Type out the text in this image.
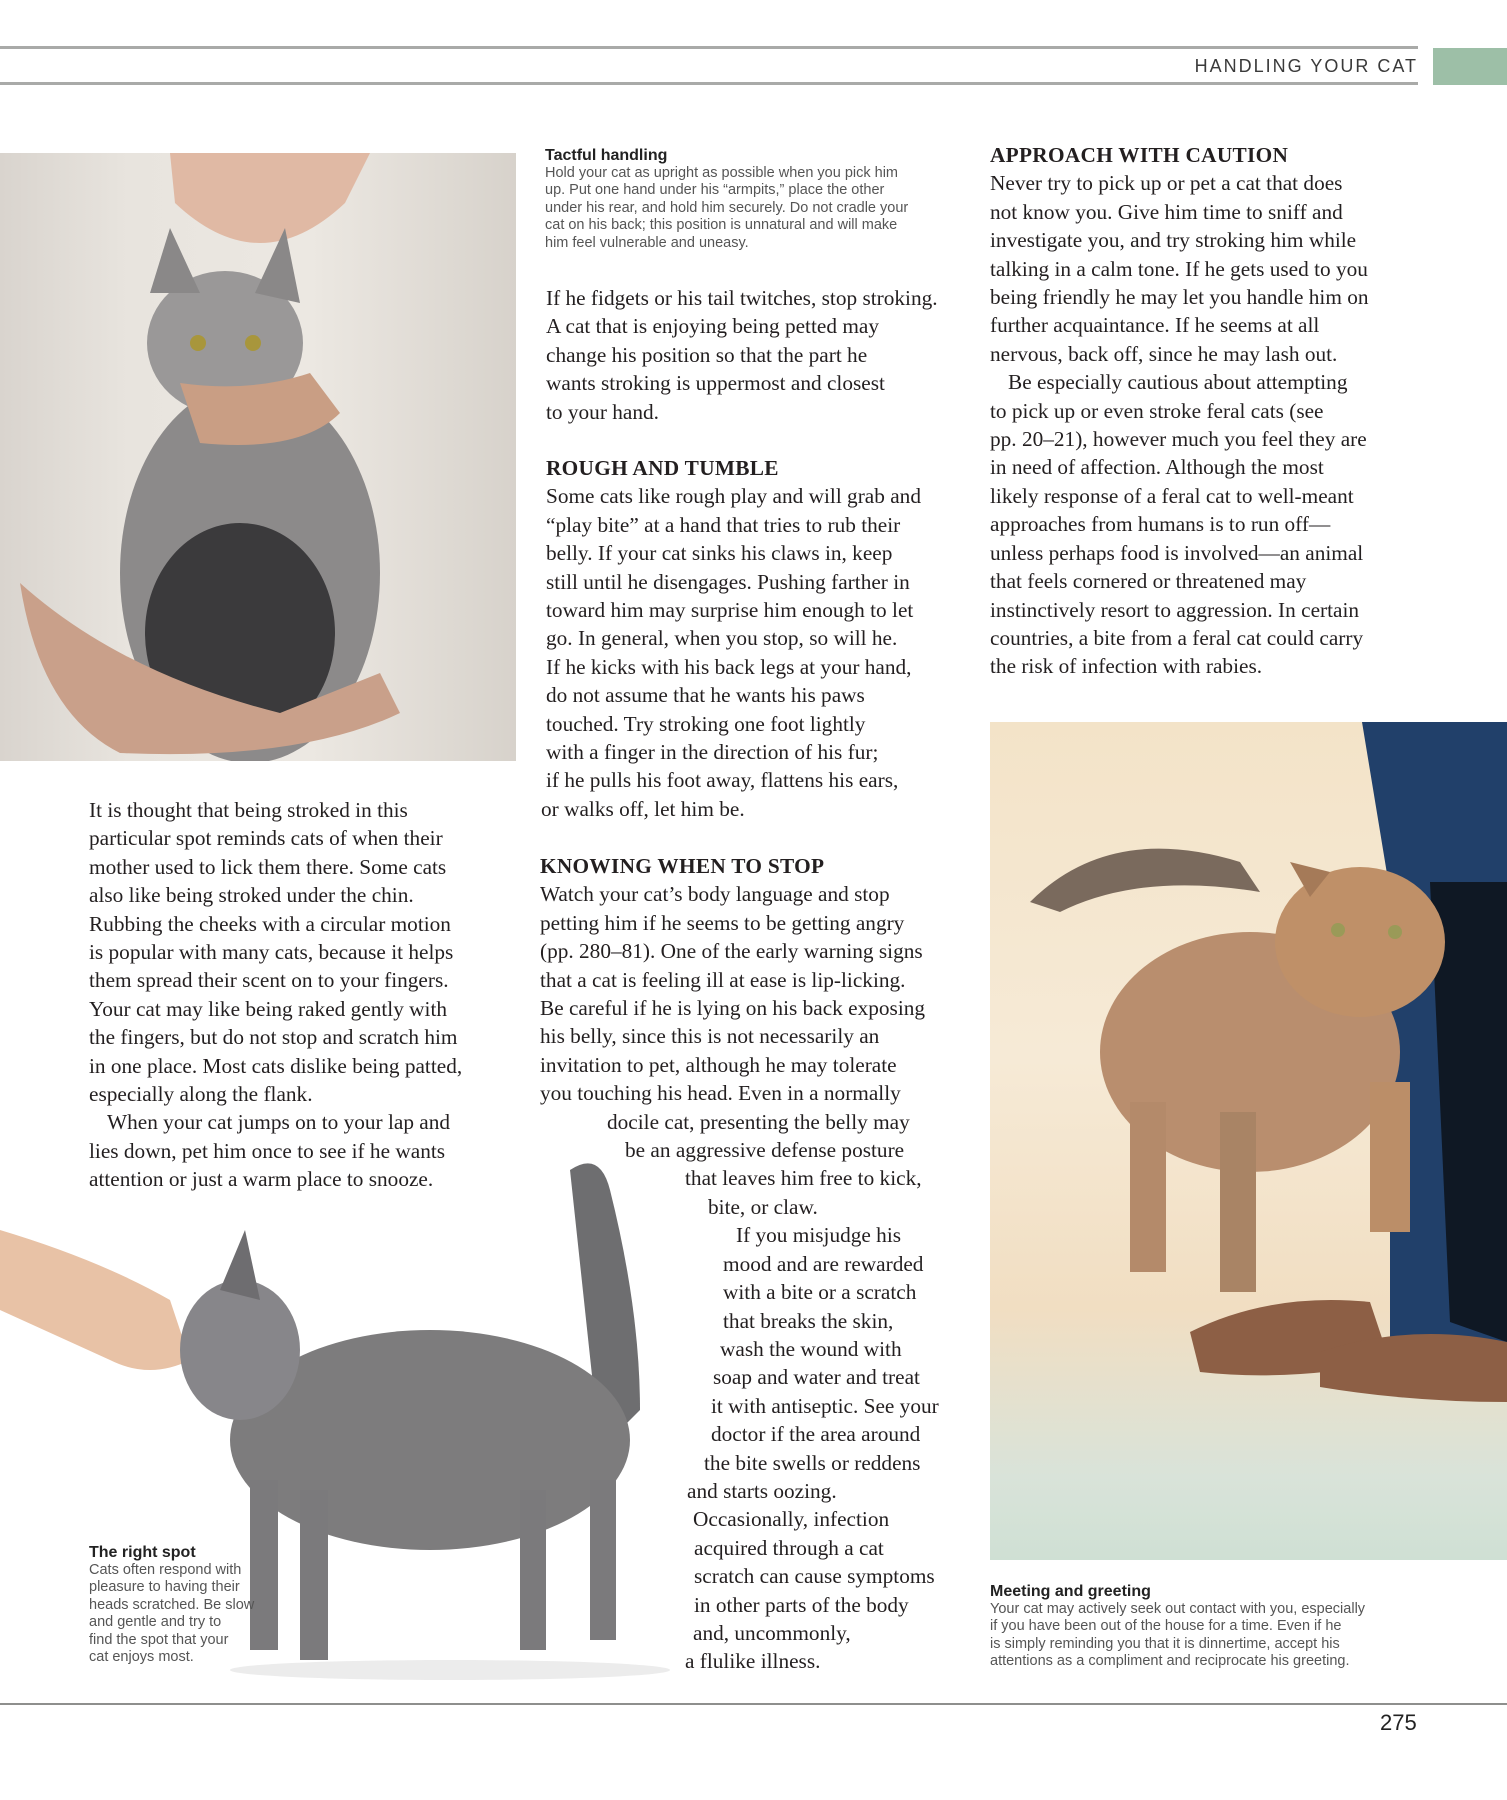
HANDLING YOUR CAT
Tactful handling
Hold your cat as upright as possible when you pick him
up. Put one hand under his “armpits,” place the other
under his rear, and hold him securely. Do not cradle your
cat on his back; this position is unnatural and will make
him feel vulnerable and uneasy.
If he fidgets or his tail twitches, stop stroking.
A cat that is enjoying being petted may
change his position so that the part he
wants stroking is uppermost and closest
to your hand.
ROUGH AND TUMBLE
Some cats like rough play and will grab and
“play bite” at a hand that tries to rub their
belly. If your cat sinks his claws in, keep
still until he disengages. Pushing farther in
toward him may surprise him enough to let
go. In general, when you stop, so will he.
If he kicks with his back legs at your hand,
do not assume that he wants his paws
touched. Try stroking one foot lightly
with a finger in the direction of his fur;
if he pulls his foot away, flattens his ears,
or walks off, let him be.
KNOWING WHEN TO STOP
Watch your cat’s body language and stop
petting him if he seems to be getting angry
(pp. 280–81). One of the early warning signs
that a cat is feeling ill at ease is lip-licking.
Be careful if he is lying on his back exposing
his belly, since this is not necessarily an
invitation to pet, although he may tolerate
you touching his head. Even in a normally
docile cat, presenting the belly may
be an aggressive defense posture
that leaves him free to kick,
bite, or claw.
If you misjudge his
mood and are rewarded
with a bite or a scratch
that breaks the skin,
wash the wound with
soap and water and treat
it with antiseptic. See your
doctor if the area around
the bite swells or reddens
and starts oozing.
Occasionally, infection
acquired through a cat
scratch can cause symptoms
in other parts of the body
and, uncommonly,
a flulike illness.
It is thought that being stroked in this
particular spot reminds cats of when their
mother used to lick them there. Some cats
also like being stroked under the chin.
Rubbing the cheeks with a circular motion
is popular with many cats, because it helps
them spread their scent on to your fingers.
Your cat may like being raked gently with
the fingers, but do not stop and scratch him
in one place. Most cats dislike being patted,
especially along the flank.
When your cat jumps on to your lap and
lies down, pet him once to see if he wants
attention or just a warm place to snooze.
The right spot
Cats often respond with
pleasure to having their
heads scratched. Be slow
and gentle and try to
find the spot that your
cat enjoys most.
APPROACH WITH CAUTION
Never try to pick up or pet a cat that does
not know you. Give him time to sniff and
investigate you, and try stroking him while
talking in a calm tone. If he gets used to you
being friendly he may let you handle him on
further acquaintance. If he seems at all
nervous, back off, since he may lash out.
Be especially cautious about attempting
to pick up or even stroke feral cats (see
pp. 20–21), however much you feel they are
in need of affection. Although the most
likely response of a feral cat to well-meant
approaches from humans is to run off—
unless perhaps food is involved—an animal
that feels cornered or threatened may
instinctively resort to aggression. In certain
countries, a bite from a feral cat could carry
the risk of infection with rabies.
Meeting and greeting
Your cat may actively seek out contact with you, especially
if you have been out of the house for a time. Even if he
is simply reminding you that it is dinnertime, accept his
attentions as a compliment and reciprocate his greeting.
275
